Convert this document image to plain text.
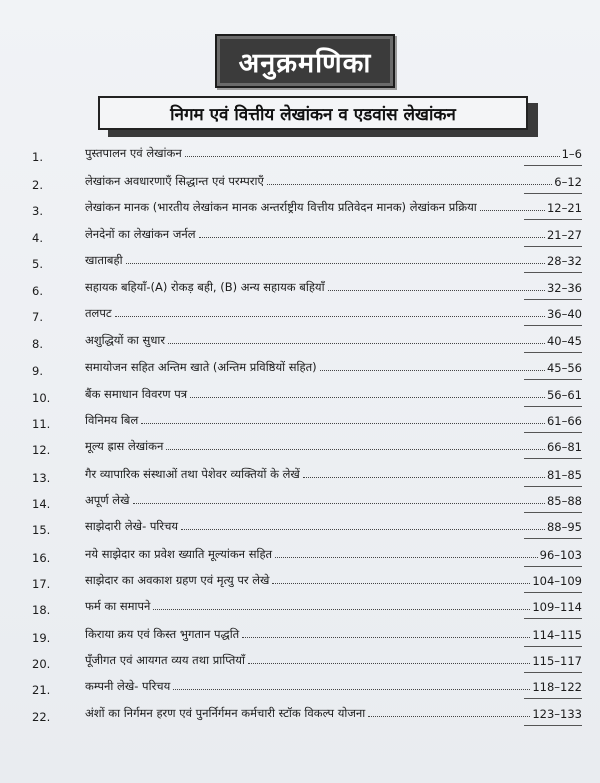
अनुक्रमणिका
निगम एवं वित्तीय लेखांकन व एडवांस लेखांकन
1.	पुस्तपालन एवं लेखांकन	1–6
2.	लेखांकन अवधारणाएँ सिद्धान्त एवं परम्पराएँ	6–12
3.	लेखांकन मानक (भारतीय लेखांकन मानक अन्तर्राष्ट्रीय वित्तीय प्रतिवेदन मानक) लेखांकन प्रक्रिया	12–21
4.	लेनदेनों का लेखांकन जर्नल	21–27
5.	खाताबही	28–32
6.	सहायक बहियाँ-(A) रोकड़ बही, (B) अन्य सहायक बहियाँ	32–36
7.	तलपट	36–40
8.	अशुद्धियों का सुधार	40–45
9.	समायोजन सहित अन्तिम खाते (अन्तिम प्रविष्ठियों सहित)	45–56
10.	बैंक समाधान विवरण पत्र	56–61
11.	विनिमय बिल	61–66
12.	मूल्य ह्रास लेखांकन	66–81
13.	गैर व्यापारिक संस्थाओं तथा पेशेवर व्यक्तियों के लेखें	81–85
14.	अपूर्ण लेखे	85–88
15.	साझेदारी लेखे- परिचय	88–95
16.	नये साझेदार का प्रवेश ख्याति मूल्यांकन सहित	96–103
17.	साझेदार का अवकाश ग्रहण एवं मृत्यु पर लेखे	104–109
18.	फर्म का समापने	109–114
19.	किराया क्रय एवं किस्त भुगतान पद्धति	114–115
20.	पूँजीगत एवं आयगत व्यय तथा प्राप्तियाँ	115–117
21.	कम्पनी लेखे- परिचय	118–122
22.	अंशों का निर्गमन हरण एवं पुनर्निर्गमन कर्मचारी स्टॉक विकल्प योजना	123–133
